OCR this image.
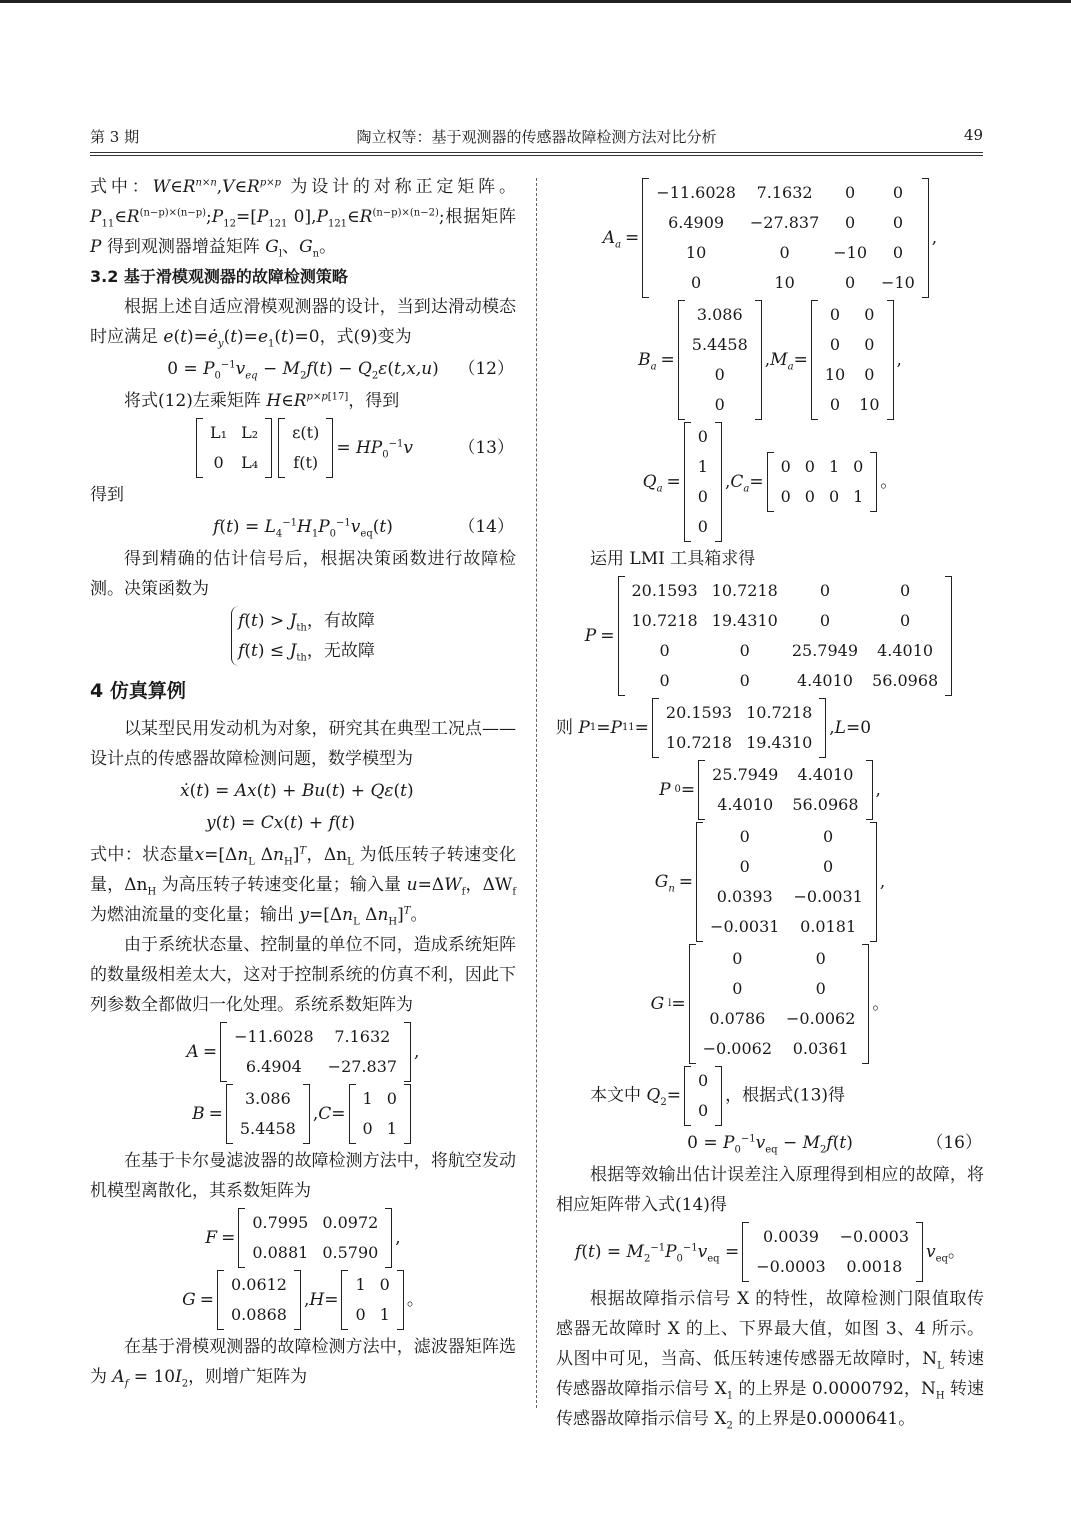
第 3 期	陶立权等：基于观测器的传感器故障检测方法对比分析	49

式中：$W\in R^{n\times n},V\in R^{p\times p}$ 为设计的对称正定矩阵。$P_{11}\in R^{(n-p)\times(n-p)};P_{12}=[P_{121}$ $0],P_{121}\in R^{(n-p)\times(n-2)}$;根据矩阵 P 得到观测器增益矩阵 $G_l$、$G_n$。

3.2 基于滑模观测器的故障检测策略

根据上述自适应滑模观测器的设计，当到达滑动模态时应满足 $e(t)=ė_y(t)=e_1(t)=0$，式(9)变为

$0 = P_0^{-1}v_{eq} - M_2f(t) - Q_2\varepsilon(t,x,u)$ （12）

将式(12)左乘矩阵 $H\in R^{p\times p[17]}$，得到

L₁	L₂
0	L₄
ε(t)
f(t)
= $HP_0^{-1}v$	（13）

得到

$f(t) = L_4^{-1}H_1P_0^{-1}v_{eq}(t)$	（14）

得到精确的估计信号后，根据决策函数进行故障检测。决策函数为

$f(t) > J_{th}$，有故障
$f(t) \le J_{th}$，无故障
4 仿真算例

以某型民用发动机为对象，研究其在典型工况点——设计点的传感器故障检测问题，数学模型为

ẋ(t) = Ax(t) + Bu(t) + Qε(t)
y(t) = Cx(t) + f(t)

式中：状态量$x=[\Delta n_L$ $\Delta n_H]^T$，$\Delta n_L$ 为低压转子转速变化量，$\Delta n_H$ 为高压转子转速变化量；输入量 $u=\Delta W_f$，$\Delta W_f$ 为燃油流量的变化量；输出 $y=[\Delta n_L$ $\Delta n_H]^T$。

由于系统状态量、控制量的单位不同，造成系统矩阵的数量级相差太大，这对于控制系统的仿真不利，因此下列参数全都做归一化处理。系统系数矩阵为

A =
−11.6028	7.1632
6.4904	−27.837
,
B =
3.086
5.4458
, C =
1	0
0	1

在基于卡尔曼滤波器的故障检测方法中，将航空发动机模型离散化，其系数矩阵为

F =
0.7995	0.0972
0.0881	0.5790
,
G =
0.0612
0.0868
, H =
1	0
0	1
。

在基于滑模观测器的故障检测方法中，滤波器矩阵选为 $A_f = 10I_2$，则增广矩阵为

$A_a$ =
−11.6028	7.1632	0	0
6.4909	−27.837	0	0
10	0	−10	0
0	10	0	−10
,
$B_a$ =
3.086
5.4458
0
0
, $M_a$ =
0	0
0	0
10	0
0	10
,
$Q_a$ =
0
1
0
0
, $C_a$ =
0	0	1	0
0	0	0	1
。

运用 LMI 工具箱求得

P =
20.1593	10.7218	0	0
10.7218	19.4310	0	0
0	0	25.7949	4.4010
0	0	4.4010	56.0968
则
P 1 = P 11 =
20.1593	10.7218
10.7218	19.4310
, L =0
P 0 =
25.7949	4.4010
4.4010	56.0968
,
$G_n$ =
0	0
0	0
0.0393	−0.0031
−0.0031	0.0181
,
G l =
0	0
0	0
0.0786	−0.0062
−0.0062	0.0361
。

本文中 $Q_2=$
0
0
，根据式(13)得

$0 = P_0^{-1}v_{eq} - M_2f(t)$	（16）

根据等效输出估计误差注入原理得到相应的故障，将相应矩阵带入式(14)得

$f(t) = M_2^{-1}P_0^{-1}v_{eq}$ =
0.0039	−0.0003
−0.0003	0.0018
$v_{eq}$。

根据故障指示信号 X 的特性，故障检测门限值取传感器无故障时 X 的上、下界最大值，如图 3、4 所示。从图中可见，当高、低压转速传感器无故障时，$N_L$ 转速传感器故障指示信号 $X_1$ 的上界是 0.0000792，$N_H$ 转速传感器故障指示信号 $X_2$ 的上界是0.0000641。
